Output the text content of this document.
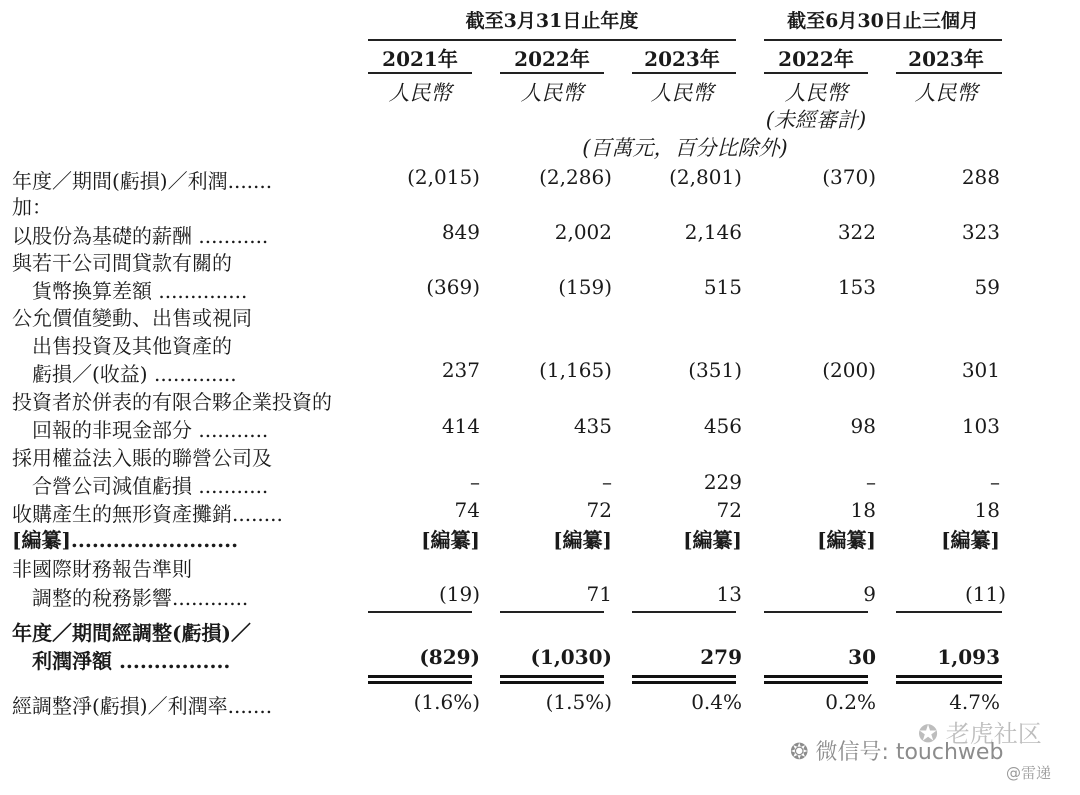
截至3月31日止年度	截至6月30日止三個月
2021年	2022年	2023年	2022年	2023年
人民幣	人民幣	人民幣	人民幣	人民幣
(未經審計)
(百萬元，百分比除外)
年度／期間(虧損)／利潤.......	(2,015)	(2,286)	(2,801)	(370)	288
加：
以股份為基礎的薪酬 ...........	849	2,002	2,146	322	323
與若干公司間貸款有關的
　貨幣換算差額 ..............	(369)	(159)	515	153	59
公允價值變動、出售或視同
　出售投資及其他資產的
　虧損／(收益) .............	237	(1,165)	(351)	(200)	301
投資者於併表的有限合夥企業投資的
　回報的非現金部分 ...........	414	435	456	98	103
採用權益法入賬的聯營公司及
　合營公司減值虧損 ...........	–	–	229	–	–
收購產生的無形資產攤銷........	74	72	72	18	18
[編纂]........................	[編纂]	[編纂]	[編纂]	[編纂]	[編纂]
非國際財務報告準則
　調整的稅務影響............	(19)	71	13	9	(11)
年度／期間經調整(虧損)／
　利潤淨額 ................	(829)	(1,030)	279	30	1,093
經調整淨(虧損)／利潤率.......	(1.6%)	(1.5%)	0.4%	0.2%	4.7%
✪ 老虎社区
❂ 微信号: touchweb
@雷递
